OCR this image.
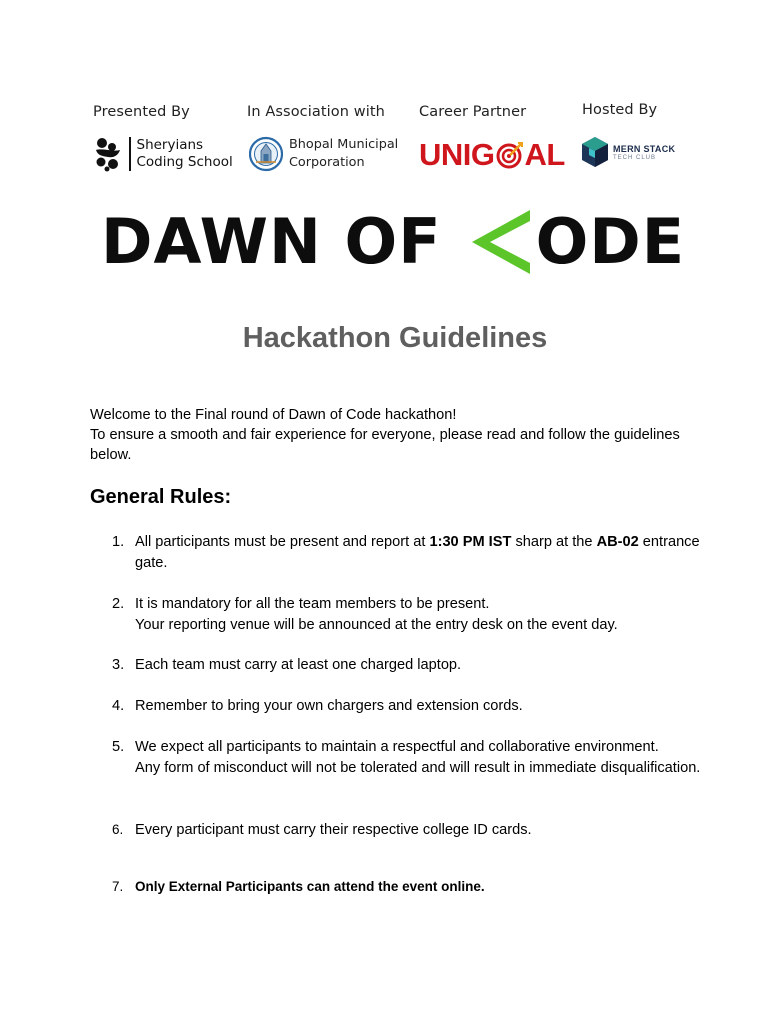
Presented By
Sheryians
Coding School
In Association with
Bhopal Municipal
Corporation
Career Partner
UNIG AL
Hosted By
MERN STACK
TECH CLUB
DAWN OF ODE
Hackathon Guidelines
Welcome to the Final round of Dawn of Code hackathon!
To ensure a smooth and fair experience for everyone, please read and follow the guidelines below.
General Rules:
1. All participants must be present and report at 1:30 PM IST sharp at the AB-02 entrance gate.
2. It is mandatory for all the team members to be present.
Your reporting venue will be announced at the entry desk on the event day.
3. Each team must carry at least one charged laptop.
4. Remember to bring your own chargers and extension cords.
5. We expect all participants to maintain a respectful and collaborative environment.
Any form of misconduct will not be tolerated and will result in immediate disqualification.
6. Every participant must carry their respective college ID cards.
7. Only External Participants can attend the event online.
